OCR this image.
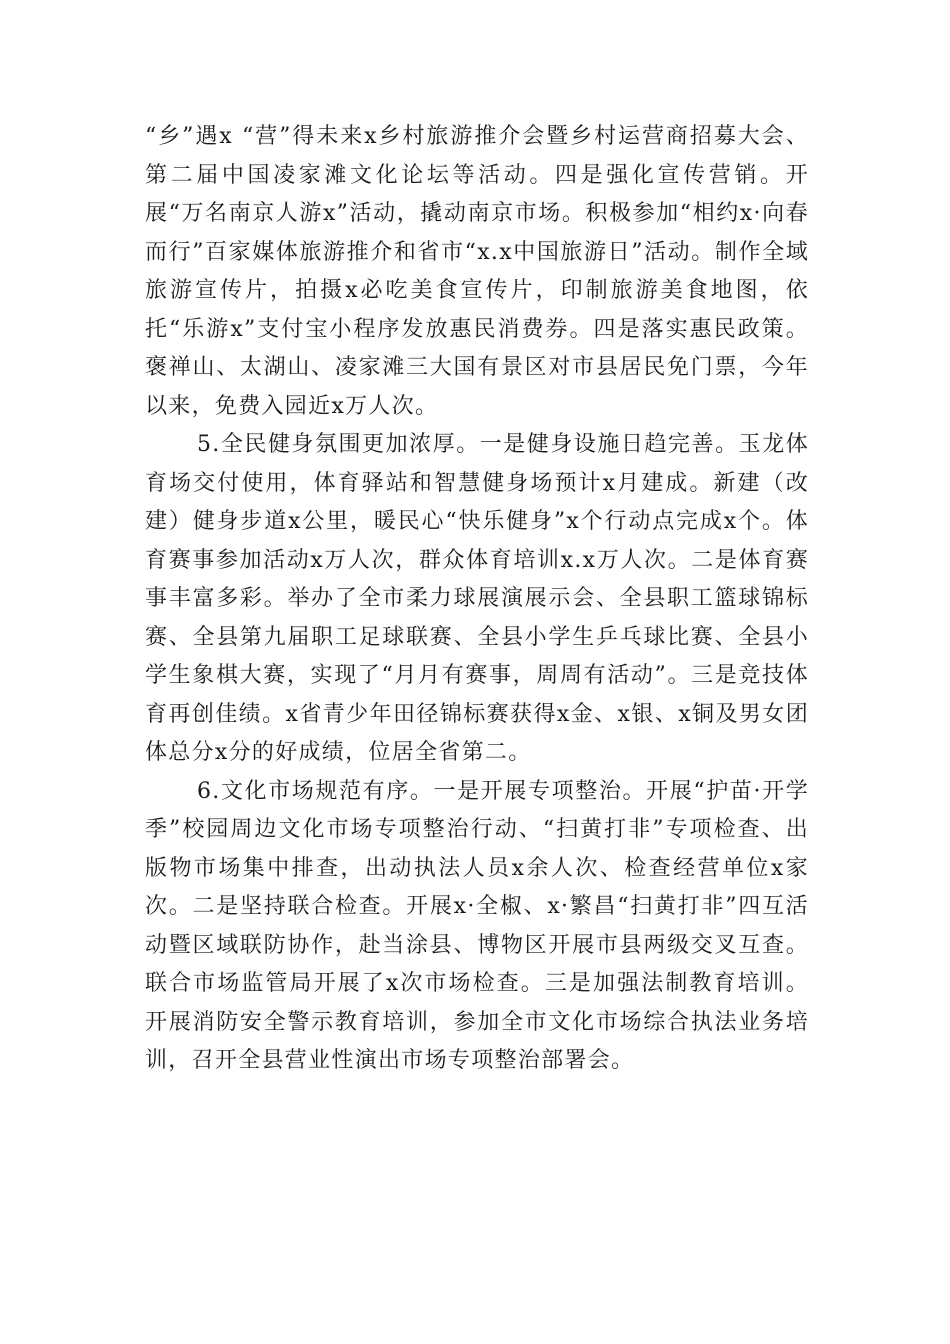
“乡”遇x “营”得未来x乡村旅游推介会暨乡村运营商招募大会、第二届中国凌家滩文化论坛等活动。四是强化宣传营销。开展“万名南京人游x”活动，撬动南京市场。积极参加“相约x·向春而行”百家媒体旅游推介和省市“x.x中国旅游日”活动。制作全域旅游宣传片，拍摄x必吃美食宣传片，印制旅游美食地图，依托“乐游x”支付宝小程序发放惠民消费券。四是落实惠民政策。褒禅山、太湖山、凌家滩三大国有景区对市县居民免门票，今年以来，免费入园近x万人次。

5.全民健身氛围更加浓厚。一是健身设施日趋完善。玉龙体育场交付使用，体育驿站和智慧健身场预计x月建成。新建（改建）健身步道x公里，暖民心“快乐健身”x个行动点完成x个。体育赛事参加活动x万人次，群众体育培训x.x万人次。二是体育赛事丰富多彩。举办了全市柔力球展演展示会、全县职工篮球锦标赛、全县第九届职工足球联赛、全县小学生乒乓球比赛、全县小学生象棋大赛，实现了“月月有赛事，周周有活动”。三是竞技体育再创佳绩。x省青少年田径锦标赛获得x金、x银、x铜及男女团体总分x分的好成绩，位居全省第二。

6.文化市场规范有序。一是开展专项整治。开展“护苗·开学季”校园周边文化市场专项整治行动、“扫黄打非”专项检查、出版物市场集中排查，出动执法人员x余人次、检查经营单位x家次。二是坚持联合检查。开展x·全椒、x·繁昌“扫黄打非”四互活动暨区域联防协作，赴当涂县、博物区开展市县两级交叉互查。联合市场监管局开展了x次市场检查。三是加强法制教育培训。开展消防安全警示教育培训，参加全市文化市场综合执法业务培训，召开全县营业性演出市场专项整治部署会。
